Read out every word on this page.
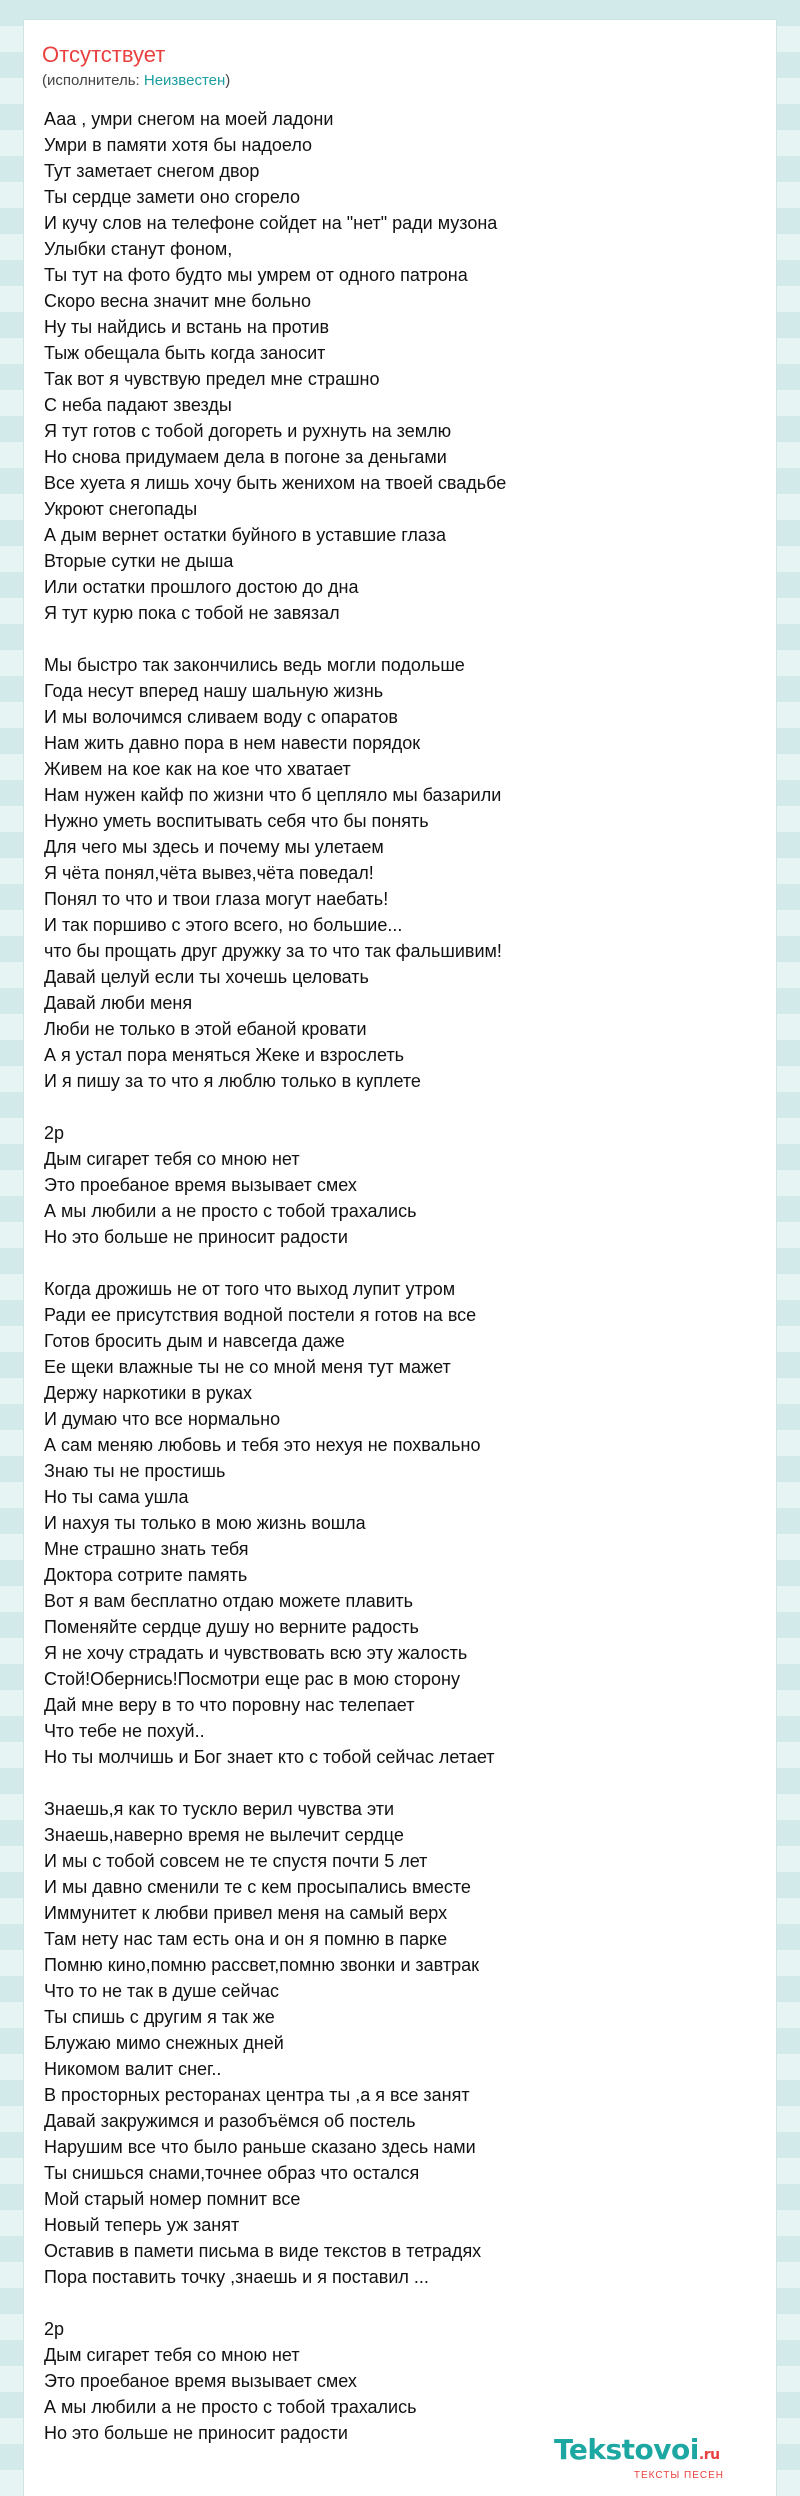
Отсутствует
(исполнитель: Неизвестен)
Ааа , умри снегом на моей ладони
Умри в памяти хотя бы надоело
Тут заметает снегом двор
Ты сердце замети оно сгорело
И кучу слов на телефоне сойдет на "нет" ради музона
Улыбки станут фоном,
Ты тут на фото будто мы умрем от одного патрона
Скоро весна значит мне больно
Ну ты найдись и встань на против
Тыж обещала быть когда заносит
Так вот я чувствую предел мне страшно
С неба падают звезды
Я тут готов с тобой догореть и рухнуть на землю
Но снова придумаем дела в погоне за деньгами
Все хуета я лишь хочу быть женихом на твоей свадьбе
Укроют снегопады
А дым вернет остатки буйного в уставшие глаза
Вторые сутки не дыша
Или остатки прошлого достою до дна
Я тут курю пока с тобой не завязал
Мы быстро так закончились ведь могли подольше
Года несут вперед нашу шальную жизнь
И мы волочимся сливаем воду с опаратов
Нам жить давно пора в нем навести порядок
Живем на кое как на кое что хватает
Нам нужен кайф по жизни что б цепляло мы базарили
Нужно уметь воспитывать себя что бы понять
Для чего мы здесь и почему мы улетаем
Я чёта понял,чёта вывез,чёта поведал!
Понял то что и твои глаза могут наебать!
И так поршиво с этого всего, но большие...
что бы прощать друг дружку за то что так фальшивим!
Давай целуй если ты хочешь целовать
Давай люби меня
Люби не только в этой ебаной кровати
А я устал пора меняться Жеке и взрослеть
И я пишу за то что я люблю только в куплете
2р
Дым сигарет тебя со мною нет
Это проебаное время вызывает смех
А мы любили а не просто с тобой трахались
Но это больше не приносит радости
Когда дрожишь не от того что выход лупит утром
Ради ее присутствия водной постели я готов на все
Готов бросить дым и навсегда даже
Ее щеки влажные ты не со мной меня тут мажет
Держу наркотики в руках
И думаю что все нормально
А сам меняю любовь и тебя это нехуя не похвально
Знаю ты не простишь
Но ты сама ушла
И нахуя ты только в мою жизнь вошла
Мне страшно знать тебя
Доктора сотрите память
Вот я вам бесплатно отдаю можете плавить
Поменяйте сердце душу но верните радость
Я не хочу страдать и чувствовать всю эту жалость
Стой!Обернись!Посмотри еще рас в мою сторону
Дай мне веру в то что поровну нас телепает
Что тебе не похуй..
Но ты молчишь и Бог знает кто с тобой сейчас летает
Знаешь,я как то тускло верил чувства эти
Знаешь,наверно время не вылечит сердце
И мы с тобой совсем не те спустя почти 5 лет
И мы давно сменили те с кем просыпались вместе
Иммунитет к любви привел меня на самый верх
Там нету нас там есть она и он я помню в парке
Помню кино,помню рассвет,помню звонки и завтрак
Что то не так в душе сейчас
Ты спишь с другим я так же
Блужаю мимо снежных дней
Никомом валит снег..
В просторных ресторанах центра ты ,а я все занят
Давай закружимся и разобъёмся об постель
Нарушим все что было раньше сказано здесь нами
Ты снишься снами,точнее образ что остался
Мой старый номер помнит все
Новый теперь уж занят
Оставив в памети письма в виде текстов в тетрадях
Пора поставить точку ,знаешь и я поставил ...
2р
Дым сигарет тебя со мною нет
Это проебаное время вызывает смех
А мы любили а не просто с тобой трахались
Но это больше не приносит радости	Tekstovoi.ru
ТЕКСТЫ ПЕСЕН
